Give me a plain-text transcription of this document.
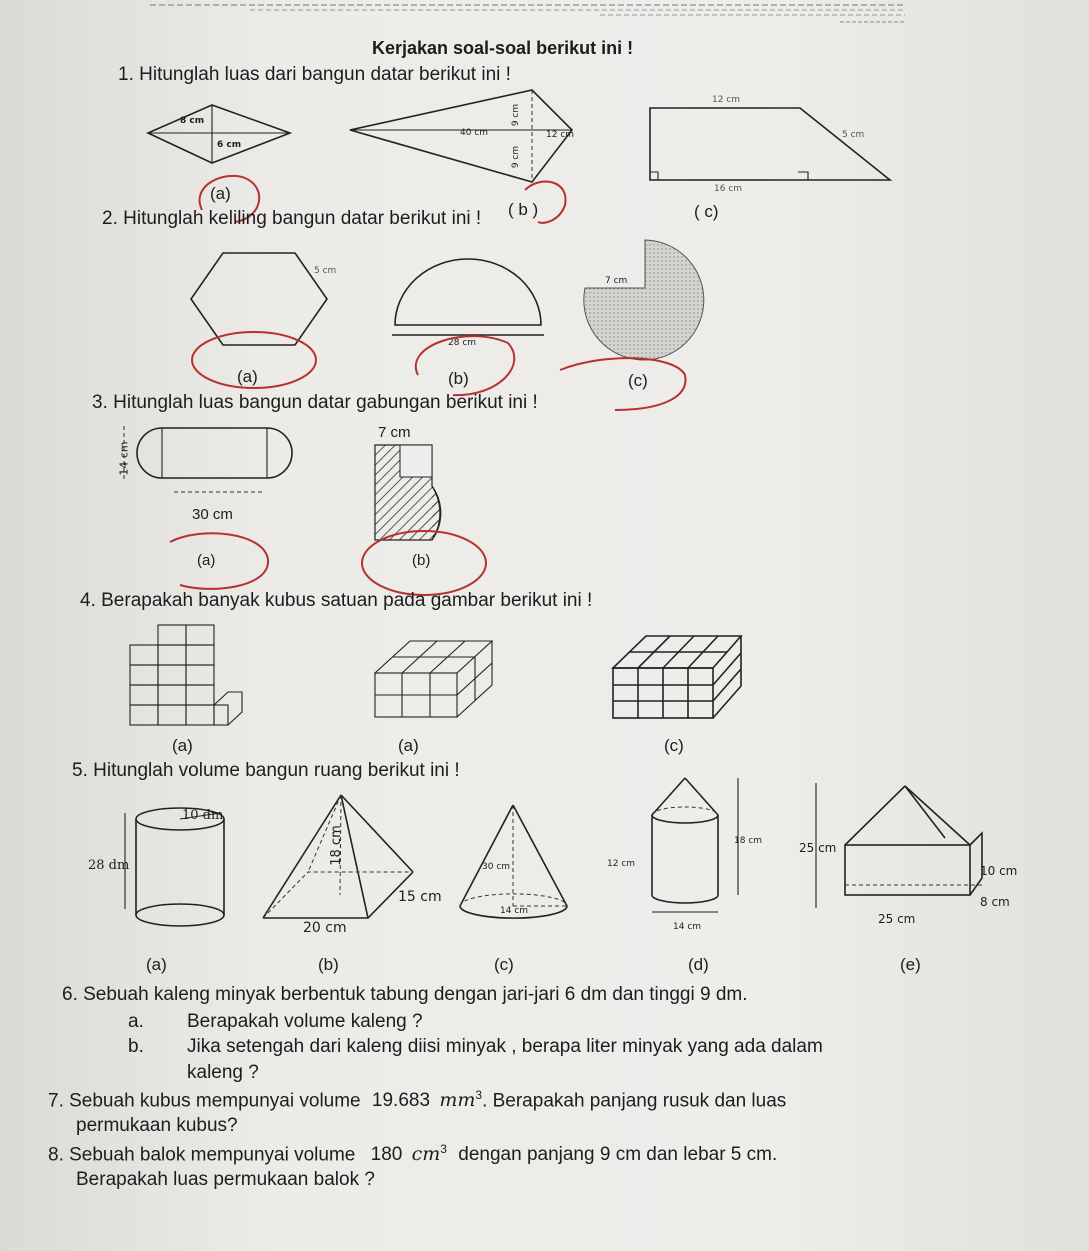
Kerjakan soal-soal berikut ini !
1. Hitunglah luas dari bangun datar berikut ini !
8 cm
6 cm
(a)
40 cm	12 cm
9 cm
9 cm
( b )
12 cm
5 cm
16 cm
( c)
2. Hitunglah keliling bangun datar berikut ini !
5 cm
(a)
28 cm
(b)
7 cm
(c)
3. Hitunglah luas bangun datar gabungan berikut ini !
14 cm
30 cm
(a)
7 cm
(b)
4. Berapakah banyak kubus satuan pada gambar berikut ini !
(a)	(a)	(c)
5. Hitunglah volume bangun ruang berikut ini !
10 dm
28 dm
(a)
18 cm
15 cm
20 cm
(b)
30 cm
14 cm
(c)
18 cm
12 cm
14 cm
(d)
25 cm
10 cm
8 cm
25 cm
(e)
6. Sebuah kaleng minyak berbentuk tabung dengan jari-jari 6 dm dan tinggi 9 dm.
a. Berapakah volume kaleng ?
b. Jika setengah dari kaleng diisi minyak , berapa liter minyak yang ada dalam
kaleng ?
7. Sebuah kubus mempunyai volume 19.683 $mm^3$. Berapakah panjang rusuk dan luas
permukaan kubus?
8. Sebuah balok mempunyai volume 180 $cm^3$ dengan panjang 9 cm dan lebar 5 cm.
Berapakah luas permukaan balok ?
